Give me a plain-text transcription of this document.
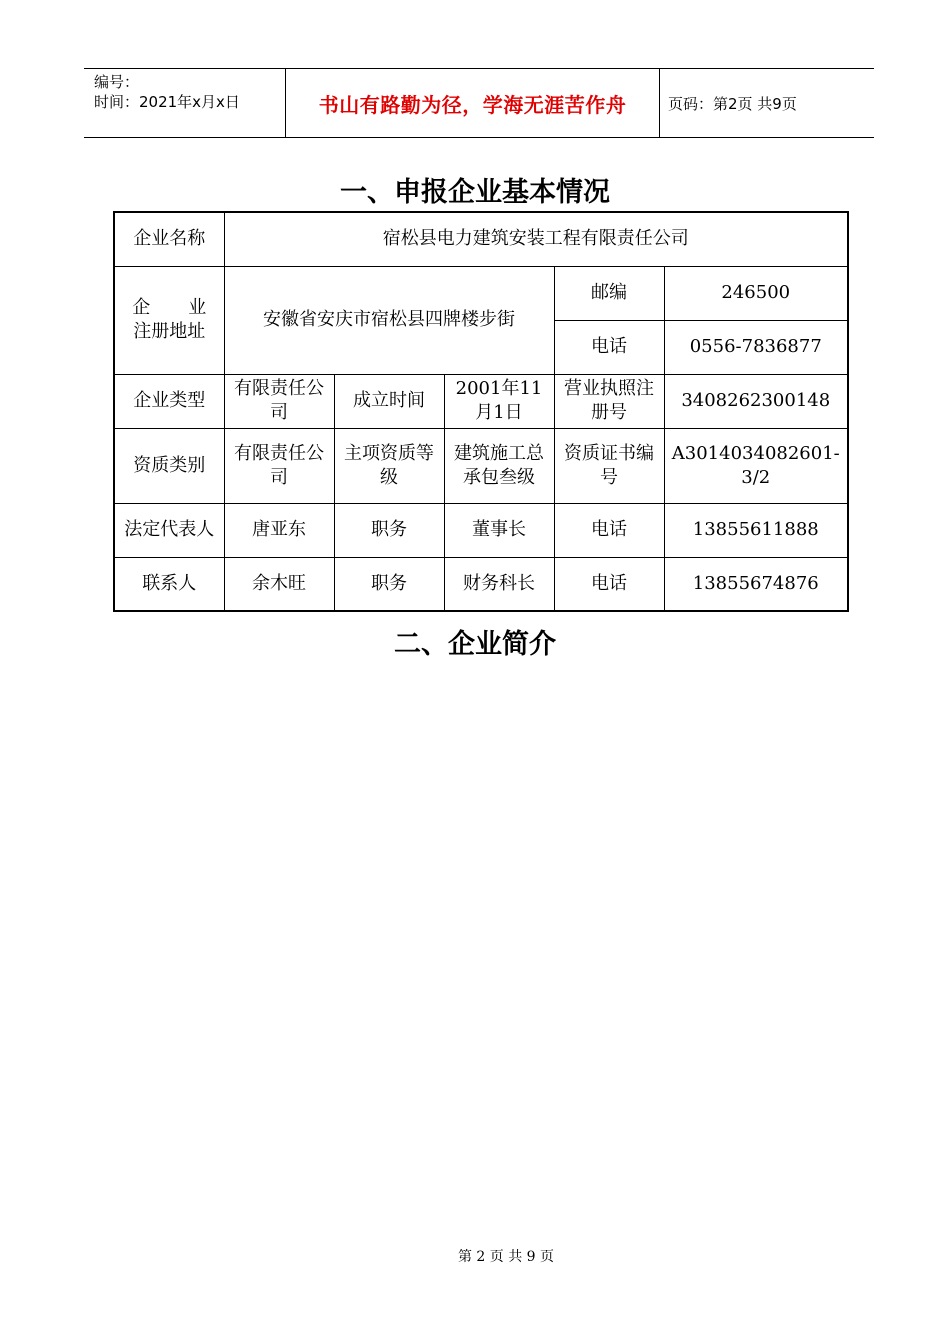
编号：
时间：2021年x月x日	书山有路勤为径，学海无涯苦作舟	页码：第2页 共9页
一、申报企业基本情况
企业名称	宿松县电力建筑安装工程有限责任公司				

企业
注册地址	安徽省安庆市宿松县四牌楼步街			邮编	246500
				电话	0556-7836877
企业类型	有限责任公司	成立时间	2001年11月1日	营业执照注册号	3408262300148
资质类别	有限责任公司	主项资质等级	建筑施工总承包叁级	资质证书编号	A3014034082601-3/2
法定代表人	唐亚东	职务	董事长	电话	13855611888
联系人	余木旺	职务	财务科长	电话	13855674876
二、企业简介
第 2 页 共 9 页
